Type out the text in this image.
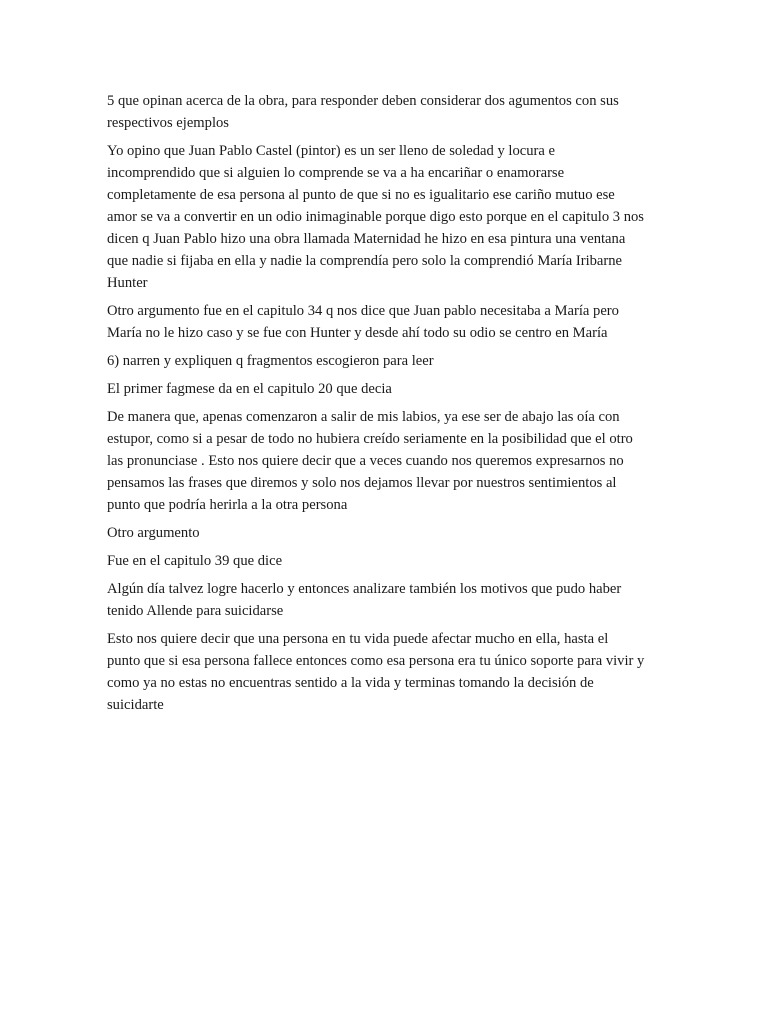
5 que opinan acerca de la obra, para responder deben considerar dos agumentos con sus
respectivos ejemplos

Yo opino que Juan Pablo Castel (pintor) es un ser lleno de soledad y locura e
incomprendido que si alguien lo comprende se va a ha encariñar o enamorarse
completamente de esa persona al punto de que si no es igualitario ese cariño mutuo ese
amor se va a convertir en un odio inimaginable porque digo esto porque en el capitulo 3 nos
dicen q Juan Pablo hizo una obra llamada Maternidad he hizo en esa pintura una ventana
que nadie si fijaba en ella y nadie la comprendía pero solo la comprendió María Iribarne
Hunter

Otro argumento fue en el capitulo 34 q nos dice que Juan pablo necesitaba a María pero
María no le hizo caso y se fue con Hunter y desde ahí todo su odio se centro en María

6) narren y expliquen q fragmentos escogieron para leer

El primer fagmese da en el capitulo 20 que decia

De manera que, apenas comenzaron a salir de mis labios, ya ese ser de abajo las oía con
estupor, como si a pesar de todo no hubiera creído seriamente en la posibilidad que el otro
las pronunciase . Esto nos quiere decir que a veces cuando nos queremos expresarnos no
pensamos las frases que diremos y solo nos dejamos llevar por nuestros sentimientos al
punto que podría herirla a la otra persona

Otro argumento

Fue en el capitulo 39 que dice

Algún día talvez logre hacerlo y entonces analizare también los motivos que pudo haber
tenido Allende para suicidarse

Esto nos quiere decir que una persona en tu vida puede afectar mucho en ella, hasta el
punto que si esa persona fallece entonces como esa persona era tu único soporte para vivir y
como ya no estas no encuentras sentido a la vida y terminas tomando la decisión de
suicidarte
